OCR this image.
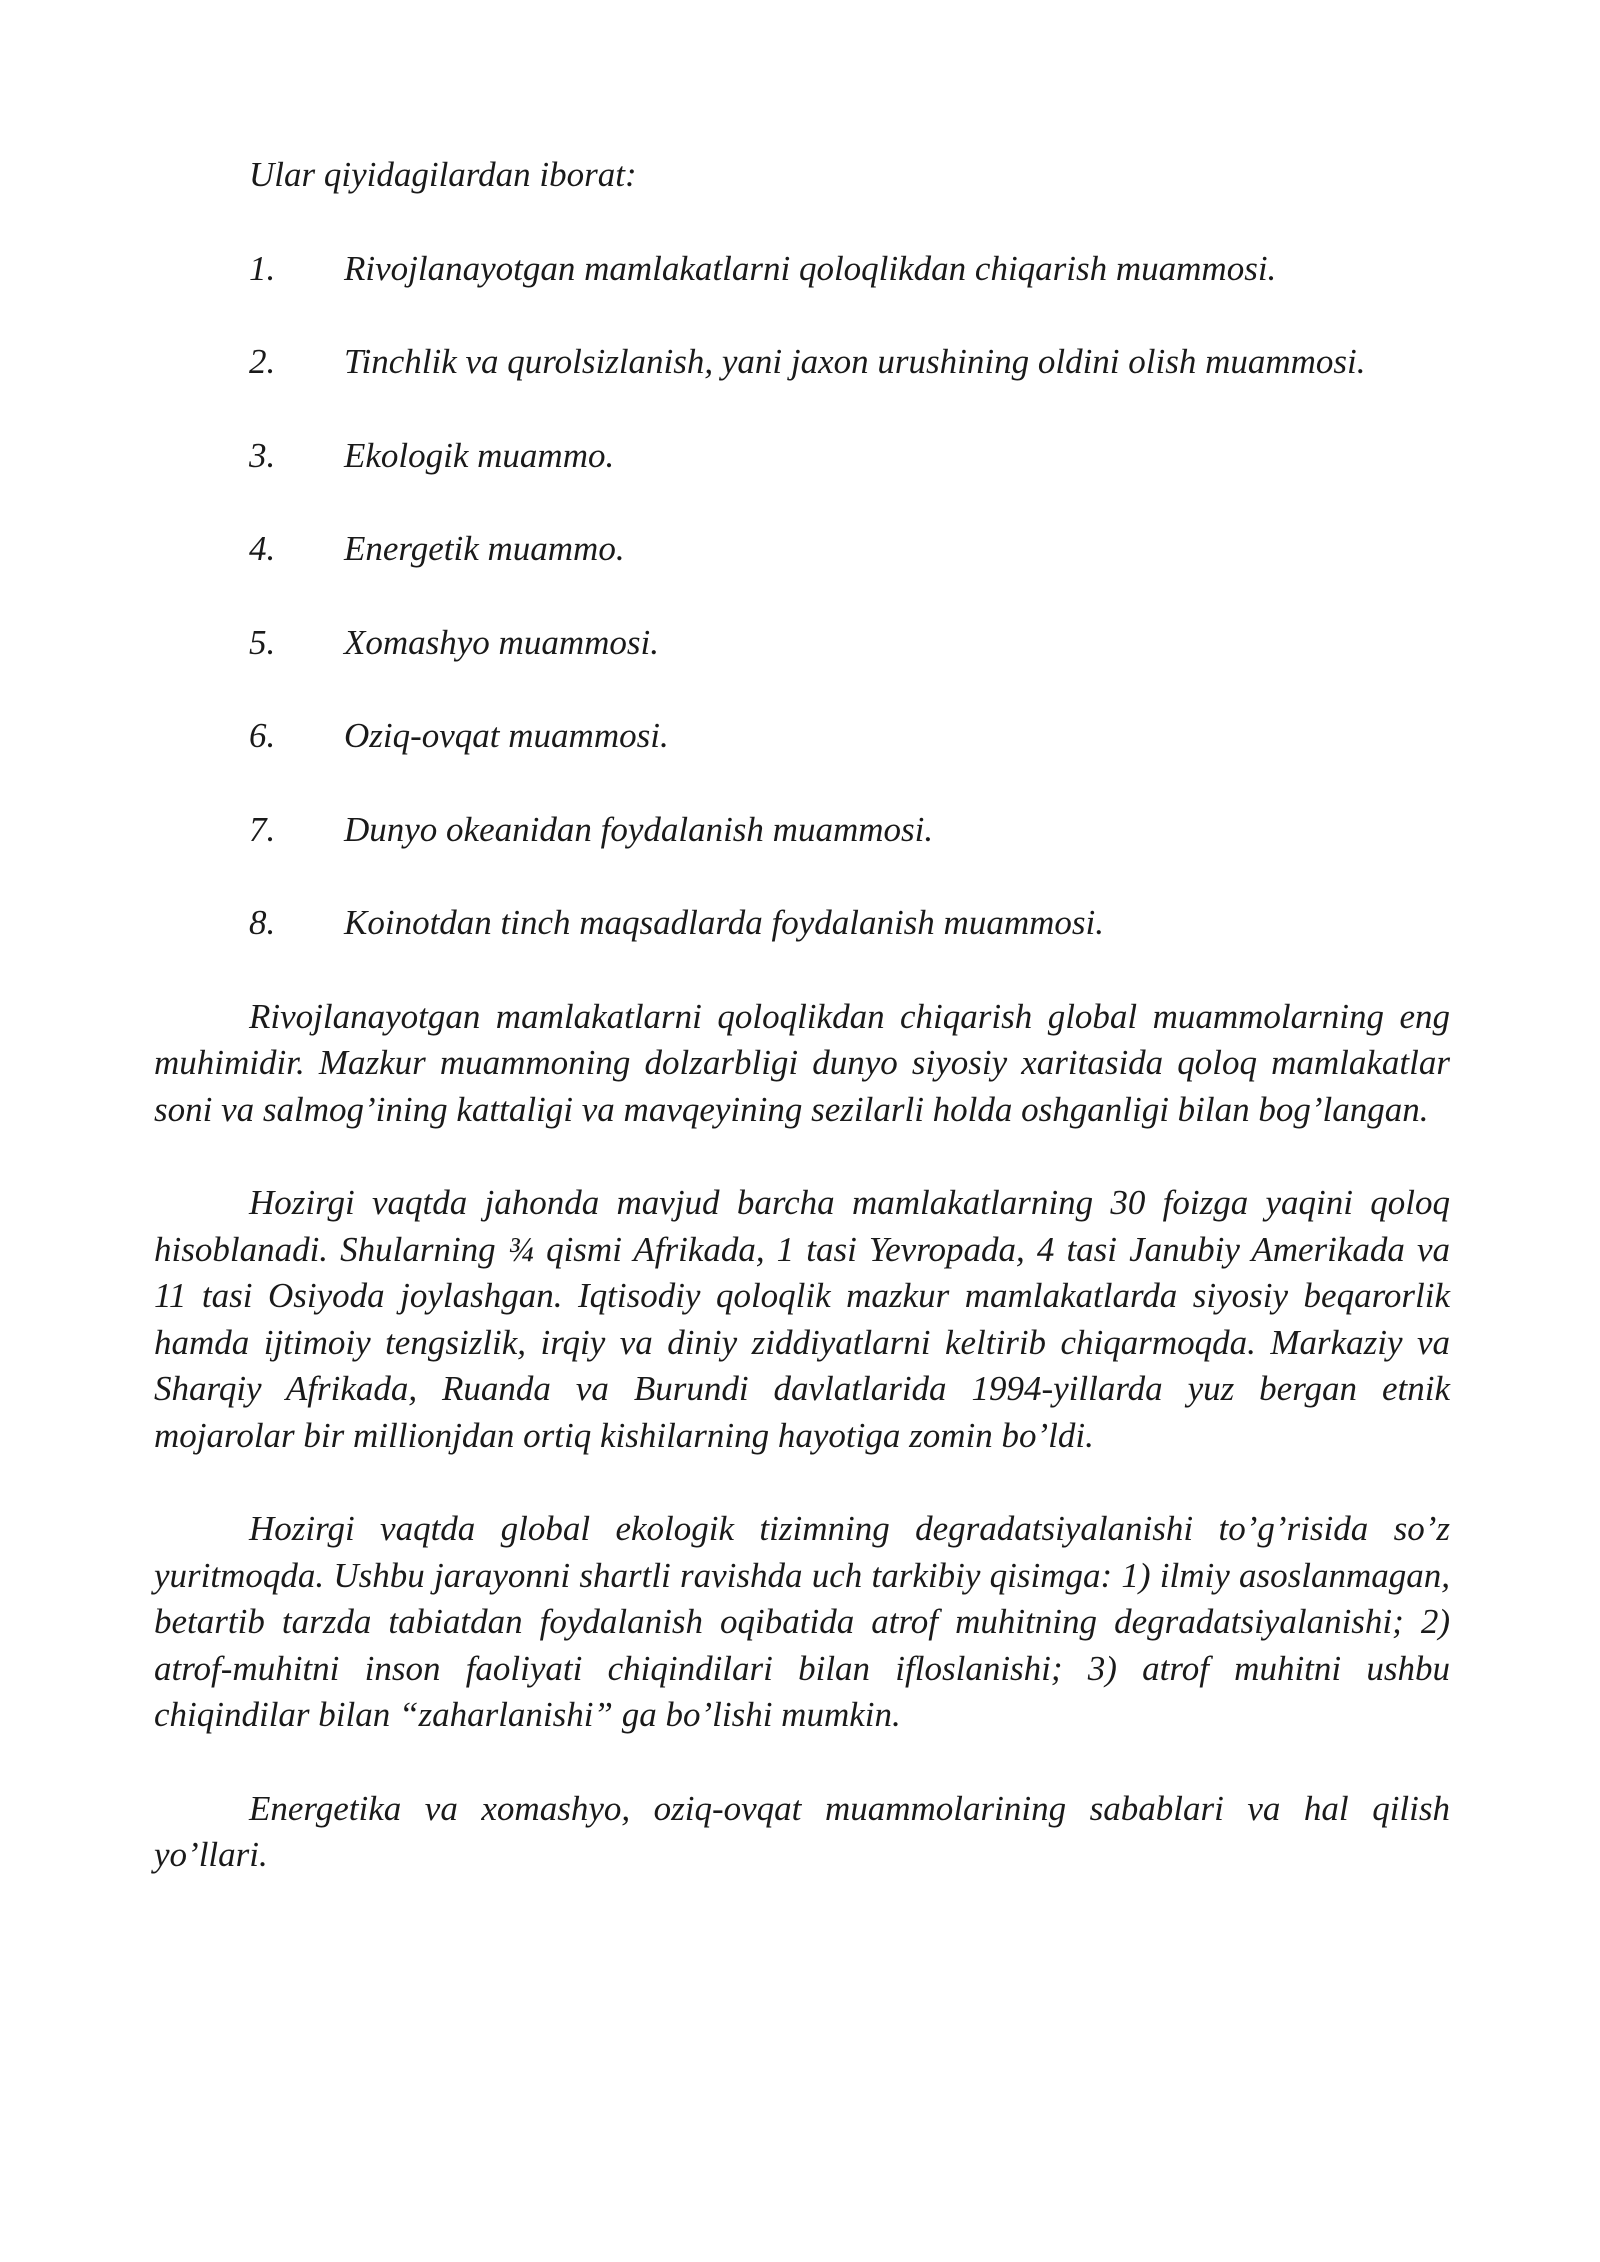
Ular qiyidagilardan iborat:

1. Rivojlanayotgan mamlakatlarni qoloqlikdan chiqarish muammosi.

2. Tinchlik va qurolsizlanish, yani jaxon urushining oldini olish muammosi.

3. Ekologik muammo.

4. Energetik muammo.

5. Xomashyo muammosi.

6. Oziq-ovqat muammosi.

7. Dunyo okeanidan foydalanish muammosi.

8. Koinotdan tinch maqsadlarda foydalanish muammosi.

Rivojlanayotgan mamlakatlarni qoloqlikdan chiqarish global muammolarning eng muhimidir. Mazkur muammoning dolzarbligi dunyo siyosiy xaritasida qoloq mamlakatlar soni va salmog’ining kattaligi va mavqeyining sezilarli holda oshganligi bilan bog’langan.

Hozirgi vaqtda jahonda mavjud barcha mamlakatlarning 30 foizga yaqini qoloq hisoblanadi. Shularning ¾ qismi Afrikada, 1 tasi Yevropada, 4 tasi Janubiy Amerikada va 11 tasi Osiyoda joylashgan. Iqtisodiy qoloqlik mazkur mamlakatlarda siyosiy beqarorlik hamda ijtimoiy tengsizlik, irqiy va diniy ziddiyatlarni keltirib chiqarmoqda. Markaziy va Sharqiy Afrikada, Ruanda va Burundi davlatlarida 1994-yillarda yuz bergan etnik mojarolar bir millionjdan ortiq kishilarning hayotiga zomin bo’ldi.

Hozirgi vaqtda global ekologik tizimning degradatsiyalanishi to’g’risida so’z yuritmoqda. Ushbu jarayonni shartli ravishda uch tarkibiy qisimga: 1) ilmiy asoslanmagan, betartib tarzda tabiatdan foydalanish oqibatida atrof muhitning degradatsiyalanishi; 2) atrof-muhitni inson faoliyati chiqindilari bilan ifloslanishi; 3) atrof muhitni ushbu chiqindilar bilan “zaharlanishi” ga bo’lishi mumkin.

Energetika va xomashyo, oziq-ovqat muammolarining sabablari va hal qilish yo’llari.
